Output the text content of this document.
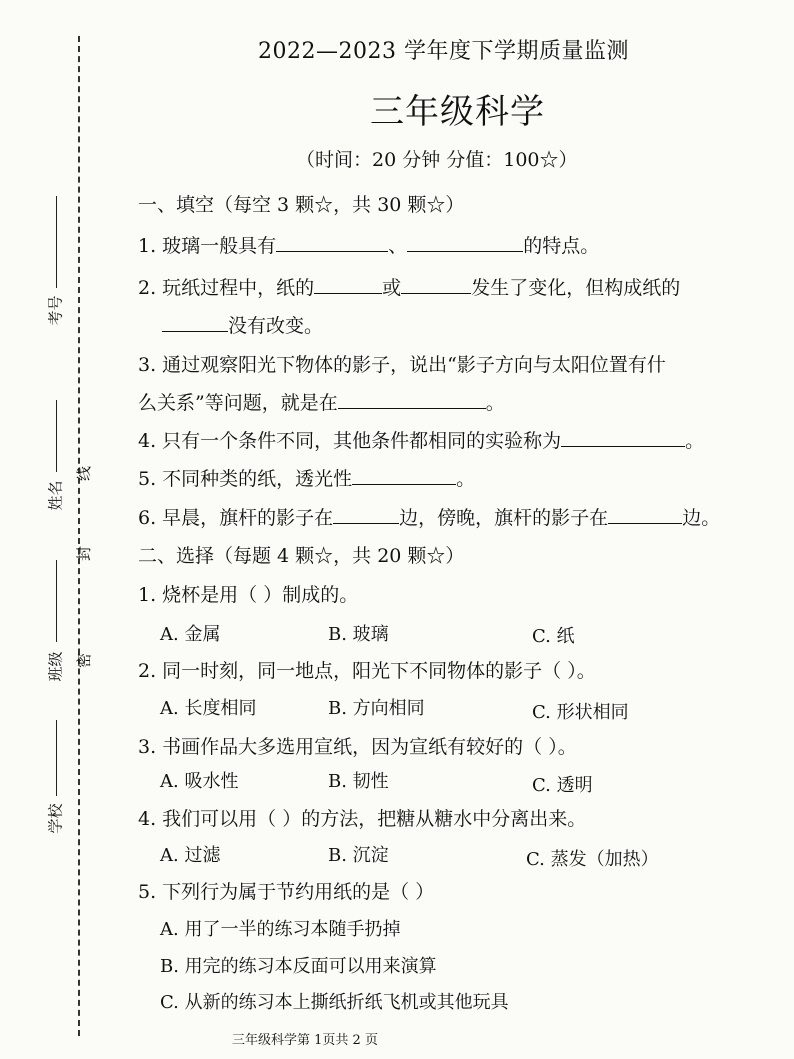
考号
姓名
班级
学校
线
封
密
2022—2023 学年度下学期质量监测
三年级科学
（时间：20 分钟 分值：100☆）
一、填空（每空 3 颗☆，共 30 颗☆）
1. 玻璃一般具有	、	的特点。
2. 玩纸过程中，纸的	或	发生了变化，但构成纸的
没有改变。
3. 通过观察阳光下物体的影子，说出“影子方向与太阳位置有什
么关系”等问题，就是在	。
4. 只有一个条件不同，其他条件都相同的实验称为	。
5. 不同种类的纸，透光性	。
6. 早晨，旗杆的影子在	边，傍晚，旗杆的影子在	边。
二、选择（每题 4 颗☆，共 20 颗☆）
1. 烧杯是用（ ）制成的。
A. 金属	B. 玻璃	C. 纸
2. 同一时刻，同一地点，阳光下不同物体的影子（ ）。
A. 长度相同	B. 方向相同	C. 形状相同
3. 书画作品大多选用宣纸，因为宣纸有较好的（ ）。
A. 吸水性	B. 韧性	C. 透明
4. 我们可以用（ ）的方法，把糖从糖水中分离出来。
A. 过滤	B. 沉淀	C. 蒸发（加热）
5. 下列行为属于节约用纸的是（ ）
A. 用了一半的练习本随手扔掉
B. 用完的练习本反面可以用来演算
C. 从新的练习本上撕纸折纸飞机或其他玩具
三年级科学第 1页共 2 页
